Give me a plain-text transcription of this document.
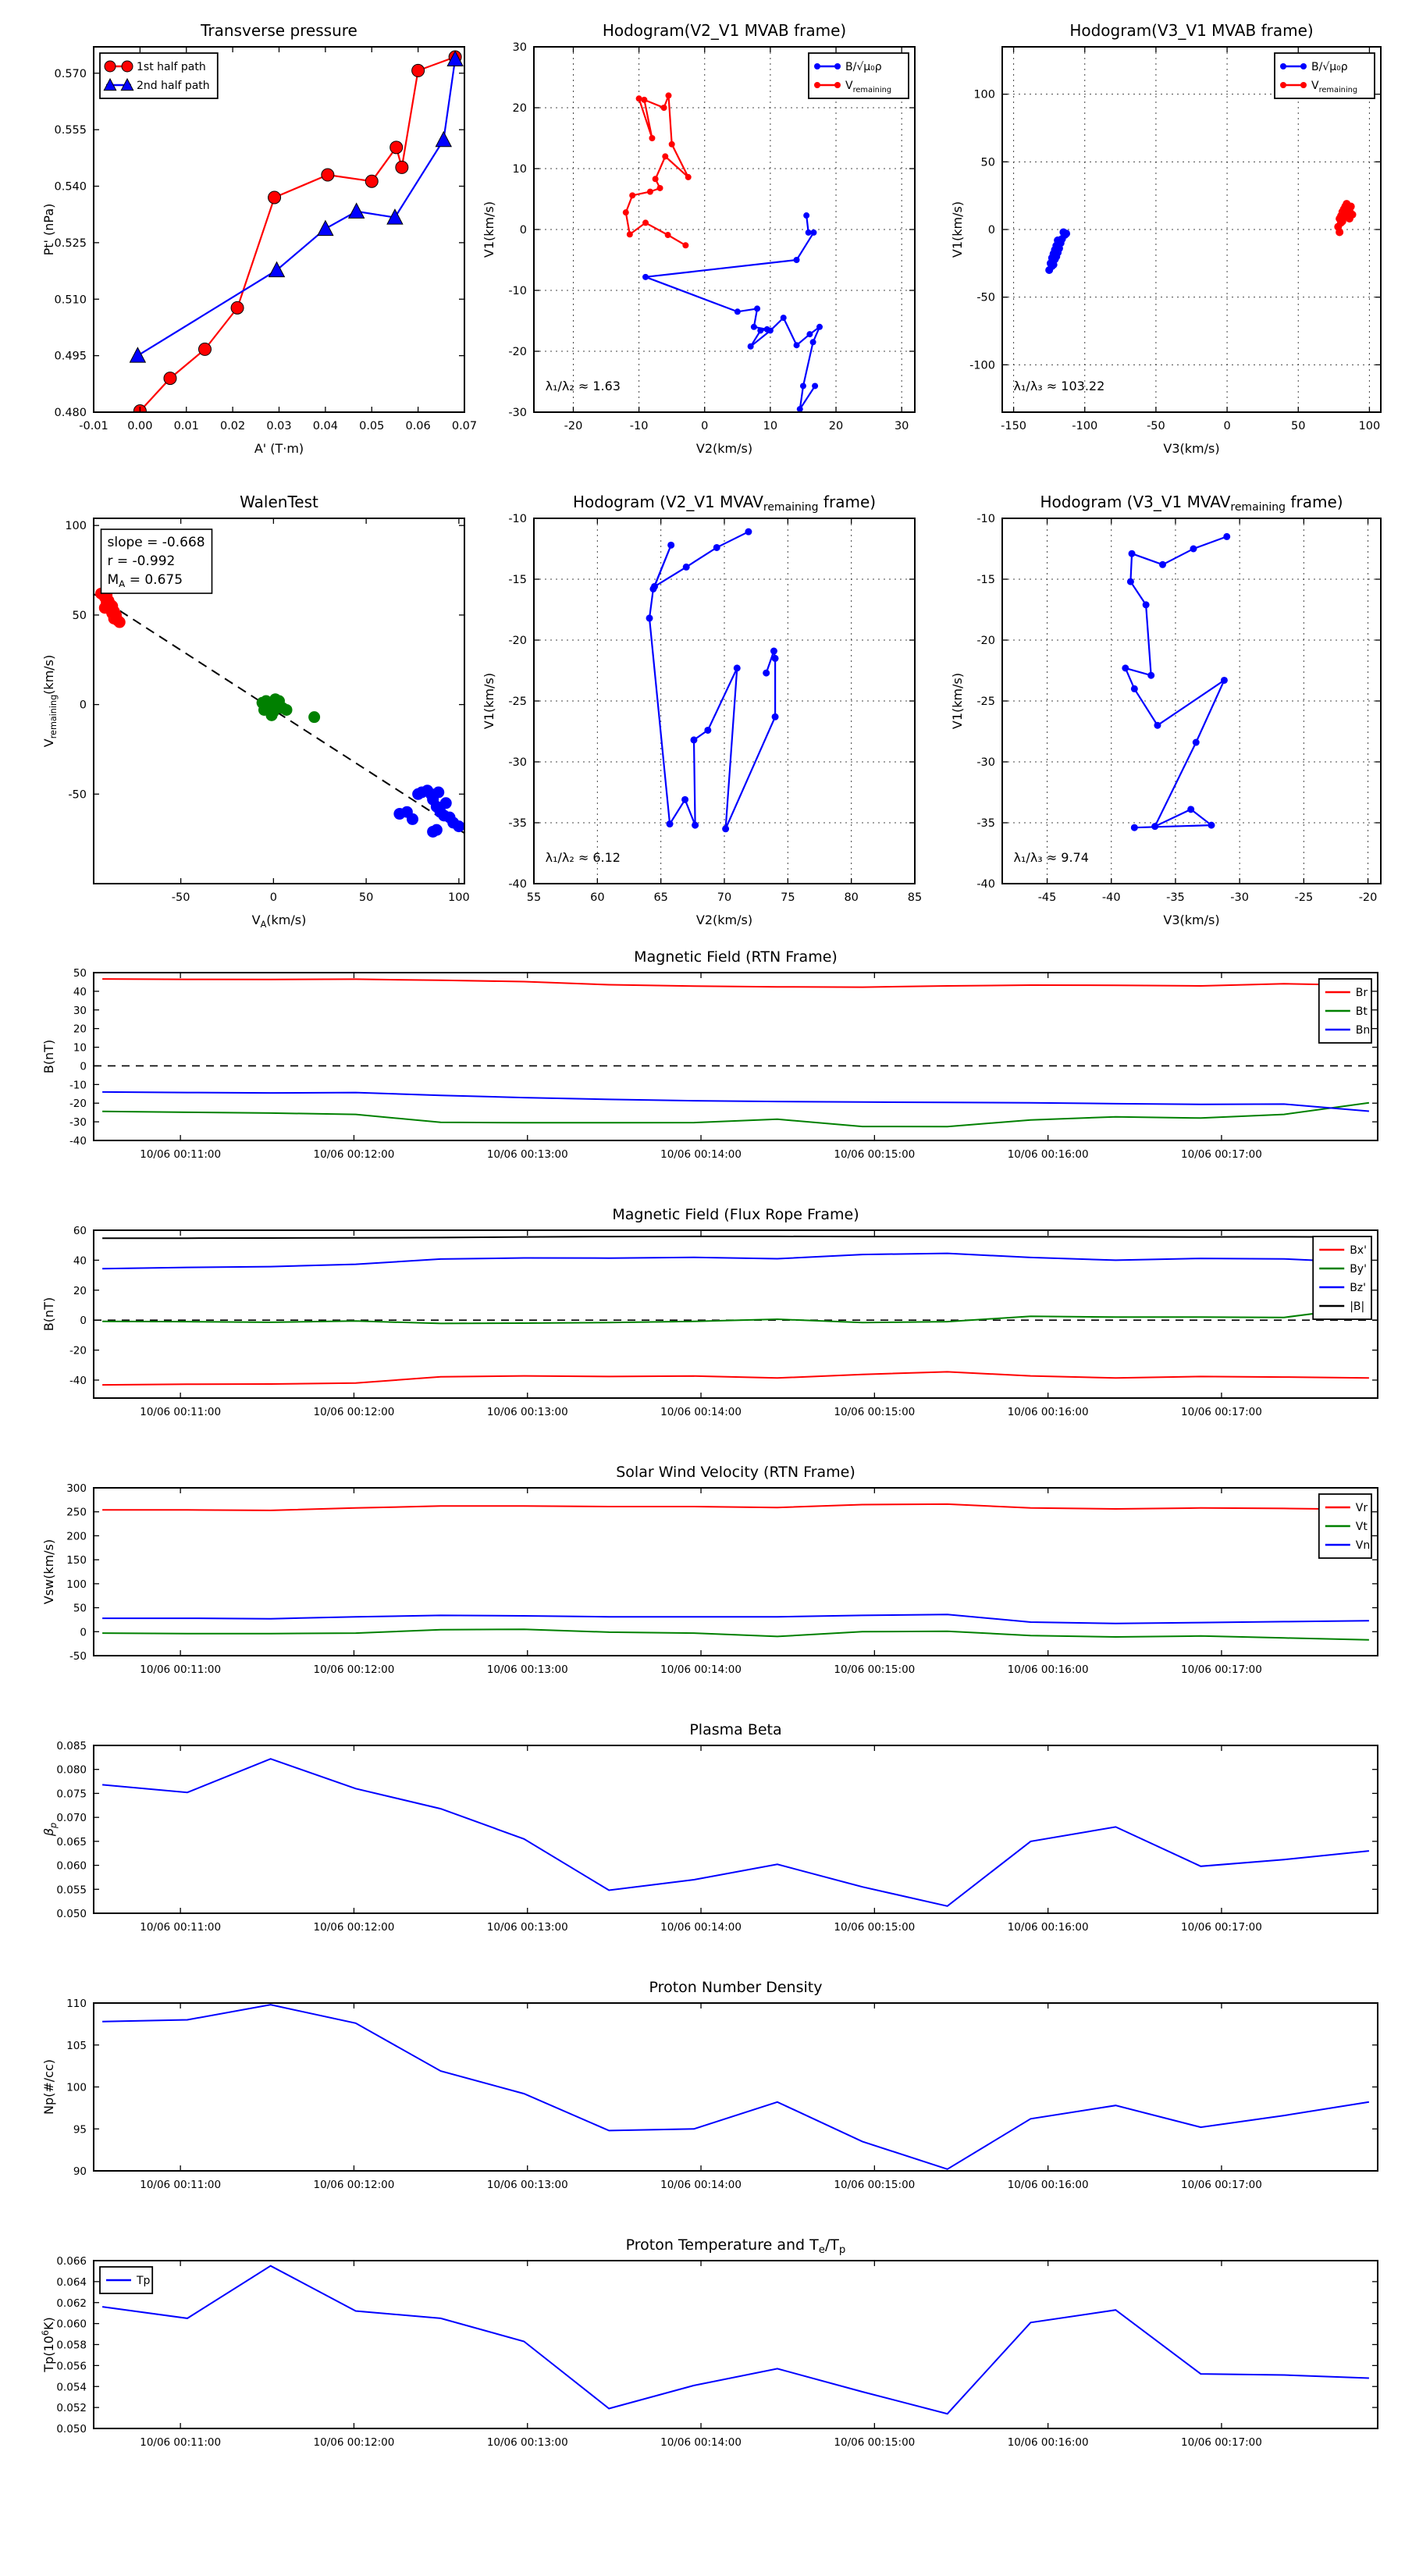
-0.01 0.00 0.01 0.02 0.03 0.04 0.05 0.06 0.07
0.480
0.495
0.510
0.525
0.540
0.555
0.570
Transverse pressure
A' (T·m)
Pt' (nPa)
1st half path
2nd half path
-20	-10	0	10	20	30
-30
-20
-10
0
10
20
30
Hodogram(V2_V1 MVAB frame)
V2(km/s)
V1(km/s)
B/√μ₀ρ
$V_{remaining}$
λ₁/λ₂ ≈ 1.63
-150	-100	-50	0	50	100
-100
-50
0
50
100
Hodogram(V3_V1 MVAB frame)
V3(km/s)
V1(km/s)
B/√μ₀ρ
$V_{remaining}$
λ₁/λ₃ ≈ 103.22
-50	0	50	100
-50
0
50
100
WalenTest
$V_A(km/s)$
$V_{remaining}(km/s)$
slope = -0.668
r = -0.992
$M_A = 0.675$
55	60	65	70	75	80	85
-40
-35
-30
-25
-20
-15
-10
Hodogram (V2_V1 $MVAV_{remaining}$ frame)
V2(km/s)
V1(km/s)
λ₁/λ₂ ≈ 6.12
-45	-40	-35	-30	-25	-20
-40
-35
-30
-25
-20
-15
-10
Hodogram (V3_V1 $MVAV_{remaining}$ frame)
V3(km/s)
V1(km/s)
λ₁/λ₃ ≈ 9.74
10/06 00:11:00	10/06 00:12:00	10/06 00:13:00	10/06 00:14:00	10/06 00:15:00	10/06 00:16:00	10/06 00:17:00
-40
-30
-20
-10
0
10
20
30
40
50
Magnetic Field (RTN Frame)
B(nT)
Br
Bt
Bn
10/06 00:11:00	10/06 00:12:00	10/06 00:13:00	10/06 00:14:00	10/06 00:15:00	10/06 00:16:00	10/06 00:17:00
-40
-20
0
20
40
60
Magnetic Field (Flux Rope Frame)
B(nT)
Bx'
By'
Bz'
|B|
10/06 00:11:00	10/06 00:12:00	10/06 00:13:00	10/06 00:14:00	10/06 00:15:00	10/06 00:16:00	10/06 00:17:00
-50
0
50
100
150
200
250
300
Solar Wind Velocity (RTN Frame)
Vsw(km/s)
Vr
Vt
Vn
10/06 00:11:00	10/06 00:12:00	10/06 00:13:00	10/06 00:14:00	10/06 00:15:00	10/06 00:16:00	10/06 00:17:00
0.050
0.055
0.060
0.065
0.070
0.075
0.080
0.085
Plasma Beta
$\beta_p$
10/06 00:11:00	10/06 00:12:00	10/06 00:13:00	10/06 00:14:00	10/06 00:15:00	10/06 00:16:00	10/06 00:17:00
90
95
100
105
110
Proton Number Density
Np(#/cc)
10/06 00:11:00	10/06 00:12:00	10/06 00:13:00	10/06 00:14:00	10/06 00:15:00	10/06 00:16:00	10/06 00:17:00
0.050
0.052
0.054
0.056
0.058
0.060
0.062
0.064
0.066
Proton Temperature and $T_e/T_p$
$Tp(10^6K)$
Tp
